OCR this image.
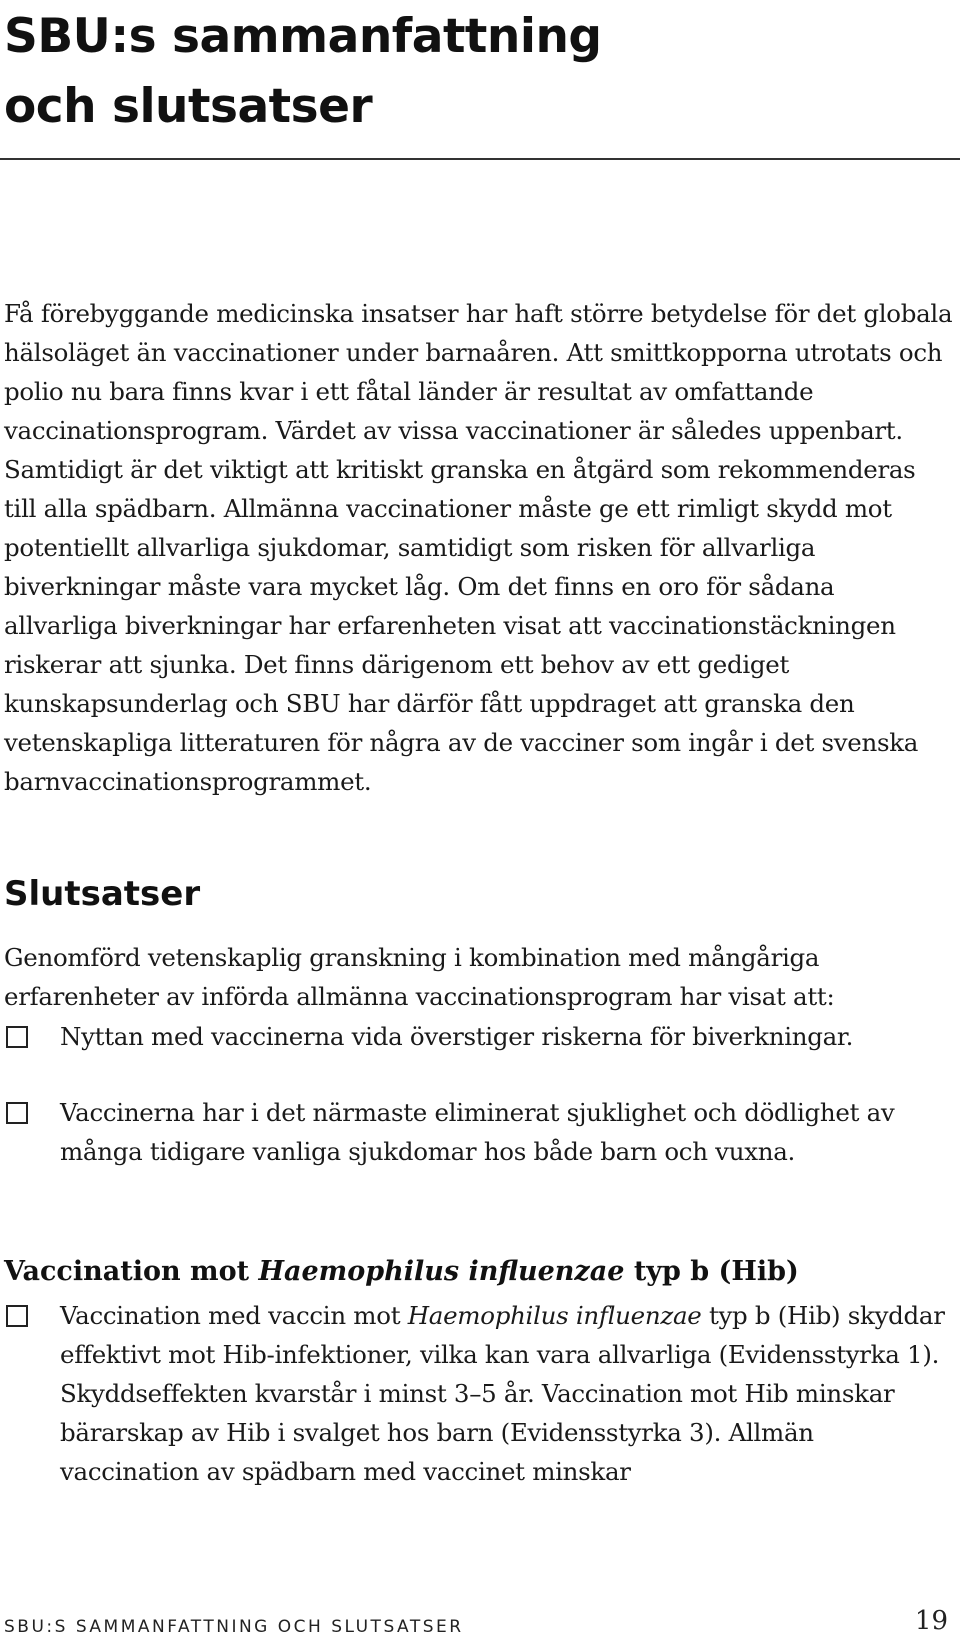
SBU:s sammanfattning
och slutsatser

Få förebyggande medicinska insatser har haft större betydelse för det globala hälsoläget än vaccinationer under barnaåren. Att smittkopporna utrotats och polio nu bara finns kvar i ett fåtal länder är resultat av omfattande vaccinationsprogram. Värdet av vissa vaccinationer är således uppenbart. Samtidigt är det viktigt att kritiskt granska en åtgärd som rekommenderas till alla spädbarn. Allmänna vaccinationer måste ge ett rimligt skydd mot potentiellt allvarliga sjukdomar, samtidigt som risken för allvarliga biverkningar måste vara mycket låg. Om det finns en oro för sådana allvarliga biverkningar har erfarenheten visat att vaccinationstäckningen riskerar att sjunka. Det finns därigenom ett behov av ett gediget kunskapsunderlag och SBU har därför fått uppdraget att granska den vetenskapliga litteraturen för några av de vacciner som ingår i det svenska barnvaccinationsprogrammet.

Slutsatser

Genomförd vetenskaplig granskning i kombination med mångåriga erfarenheter av införda allmänna vaccinationsprogram har visat att:

Nyttan med vaccinerna vida överstiger riskerna för biverkningar.

Vaccinerna har i det närmaste eliminerat sjuklighet och dödlighet av många tidigare vanliga sjukdomar hos både barn och vuxna.

Vaccination mot Haemophilus influenzae typ b (Hib)

Vaccination med vaccin mot Haemophilus influenzae typ b (Hib) skyddar effektivt mot Hib-infektioner, vilka kan vara allvarliga (Evidensstyrka 1). Skyddseffekten kvarstår i minst 3–5 år. Vaccination mot Hib minskar bärarskap av Hib i svalget hos barn (Evidensstyrka 3). Allmän vaccination av spädbarn med vaccinet minskar

SBU:S SAMMANFATTNING OCH SLUTSATSER	19
